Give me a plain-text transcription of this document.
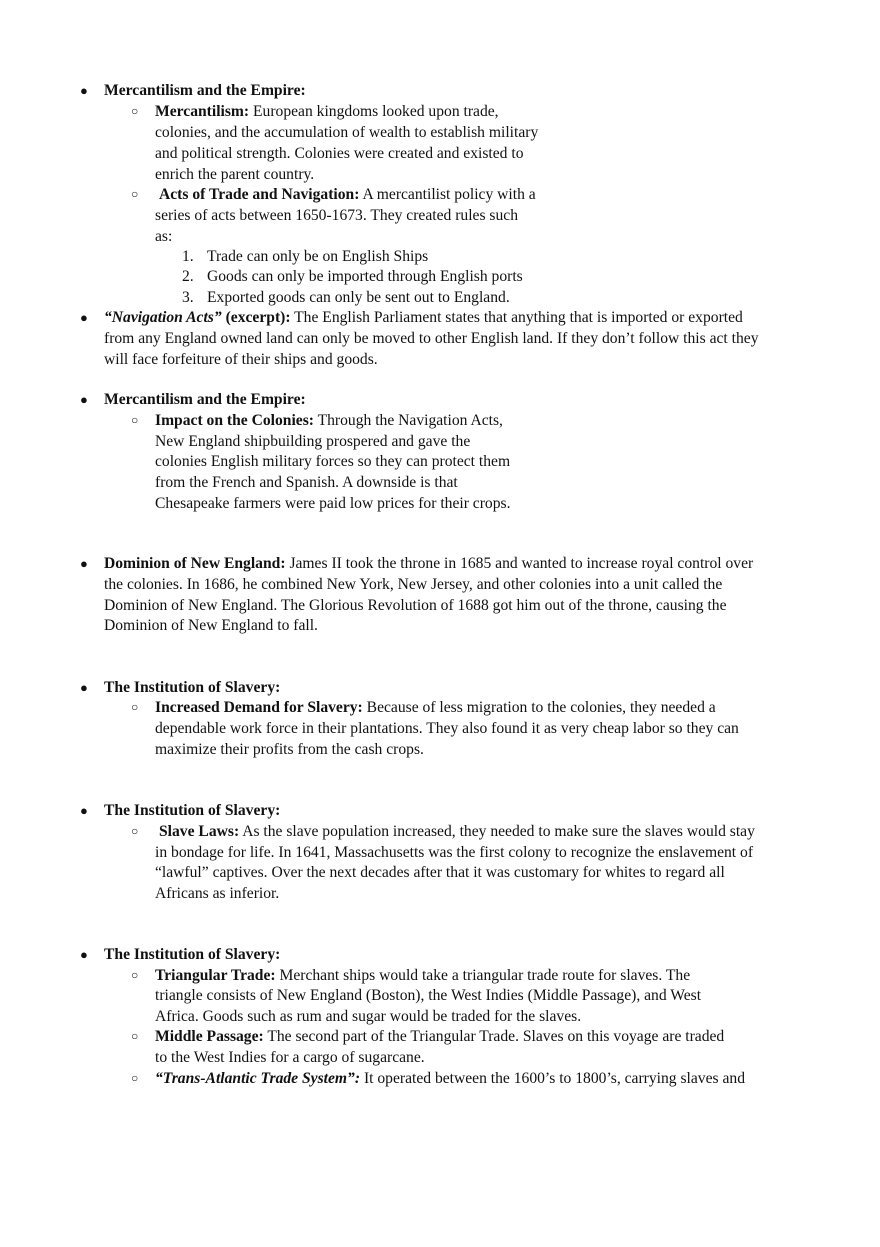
● Mercantilism and the Empire:
○ Mercantilism: European kingdoms looked upon trade,
colonies, and the accumulation of wealth to establish military
and political strength. Colonies were created and existed to
enrich the parent country.
○ Acts of Trade and Navigation: A mercantilist policy with a
series of acts between 1650-1673. They created rules such
as:
1. Trade can only be on English Ships
2. Goods can only be imported through English ports
3. Exported goods can only be sent out to England.
● “Navigation Acts” (excerpt): The English Parliament states that anything that is imported or exported
from any England owned land can only be moved to other English land. If they don’t follow this act they
will face forfeiture of their ships and goods.
● Mercantilism and the Empire:
○ Impact on the Colonies: Through the Navigation Acts,
New England shipbuilding prospered and gave the
colonies English military forces so they can protect them
from the French and Spanish. A downside is that
Chesapeake farmers were paid low prices for their crops.
● Dominion of New England: James II took the throne in 1685 and wanted to increase royal control over
the colonies. In 1686, he combined New York, New Jersey, and other colonies into a unit called the
Dominion of New England. The Glorious Revolution of 1688 got him out of the throne, causing the
Dominion of New England to fall.
● The Institution of Slavery:
○ Increased Demand for Slavery: Because of less migration to the colonies, they needed a
dependable work force in their plantations. They also found it as very cheap labor so they can
maximize their profits from the cash crops.
● The Institution of Slavery:
○ Slave Laws: As the slave population increased, they needed to make sure the slaves would stay
in bondage for life. In 1641, Massachusetts was the first colony to recognize the enslavement of
“lawful” captives. Over the next decades after that it was customary for whites to regard all
Africans as inferior.
● The Institution of Slavery:
○ Triangular Trade: Merchant ships would take a triangular trade route for slaves. The
triangle consists of New England (Boston), the West Indies (Middle Passage), and West
Africa. Goods such as rum and sugar would be traded for the slaves.
○ Middle Passage: The second part of the Triangular Trade. Slaves on this voyage are traded
to the West Indies for a cargo of sugarcane.
○ “Trans-Atlantic Trade System”: It operated between the 1600’s to 1800’s, carrying slaves and
